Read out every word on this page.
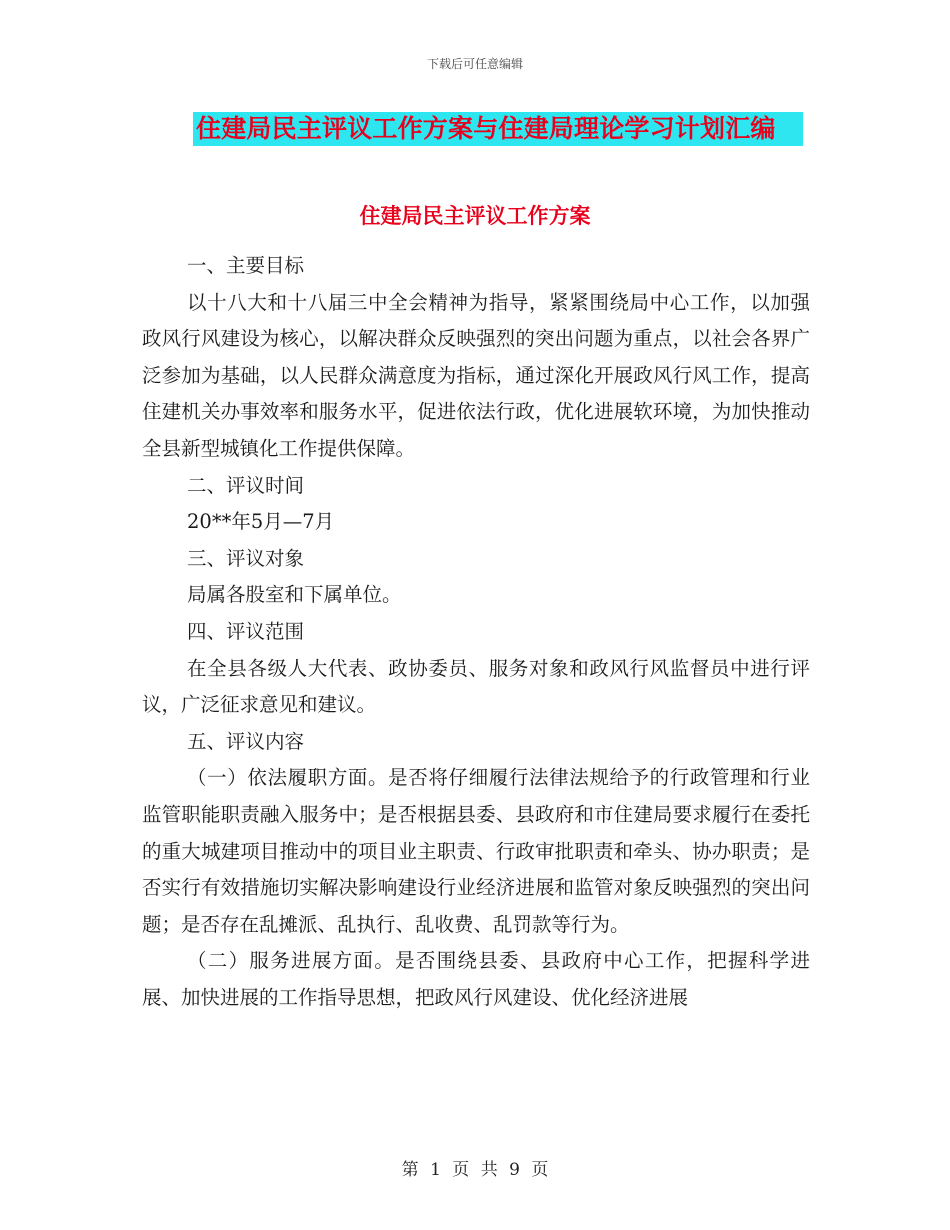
下载后可任意编辑
住建局民主评议工作方案与住建局理论学习计划汇编
住建局民主评议工作方案

一、主要目标

以十八大和十八届三中全会精神为指导，紧紧围绕局中心工作，以加强政风行风建设为核心，以解决群众反映强烈的突出问题为重点，以社会各界广泛参加为基础，以人民群众满意度为指标，通过深化开展政风行风工作，提高住建机关办事效率和服务水平，促进依法行政，优化进展软环境，为加快推动全县新型城镇化工作提供保障。

二、评议时间

20**年5月—7月

三、评议对象

局属各股室和下属单位。

四、评议范围

在全县各级人大代表、政协委员、服务对象和政风行风监督员中进行评议，广泛征求意见和建议。

五、评议内容

（一）依法履职方面。是否将仔细履行法律法规给予的行政管理和行业监管职能职责融入服务中；是否根据县委、县政府和市住建局要求履行在委托的重大城建项目推动中的项目业主职责、行政审批职责和牵头、协办职责；是否实行有效措施切实解决影响建设行业经济进展和监管对象反映强烈的突出问题；是否存在乱摊派、乱执行、乱收费、乱罚款等行为。

（二）服务进展方面。是否围绕县委、县政府中心工作，把握科学进展、加快进展的工作指导思想，把政风行风建设、优化经济进展

第 1 页 共 9 页
